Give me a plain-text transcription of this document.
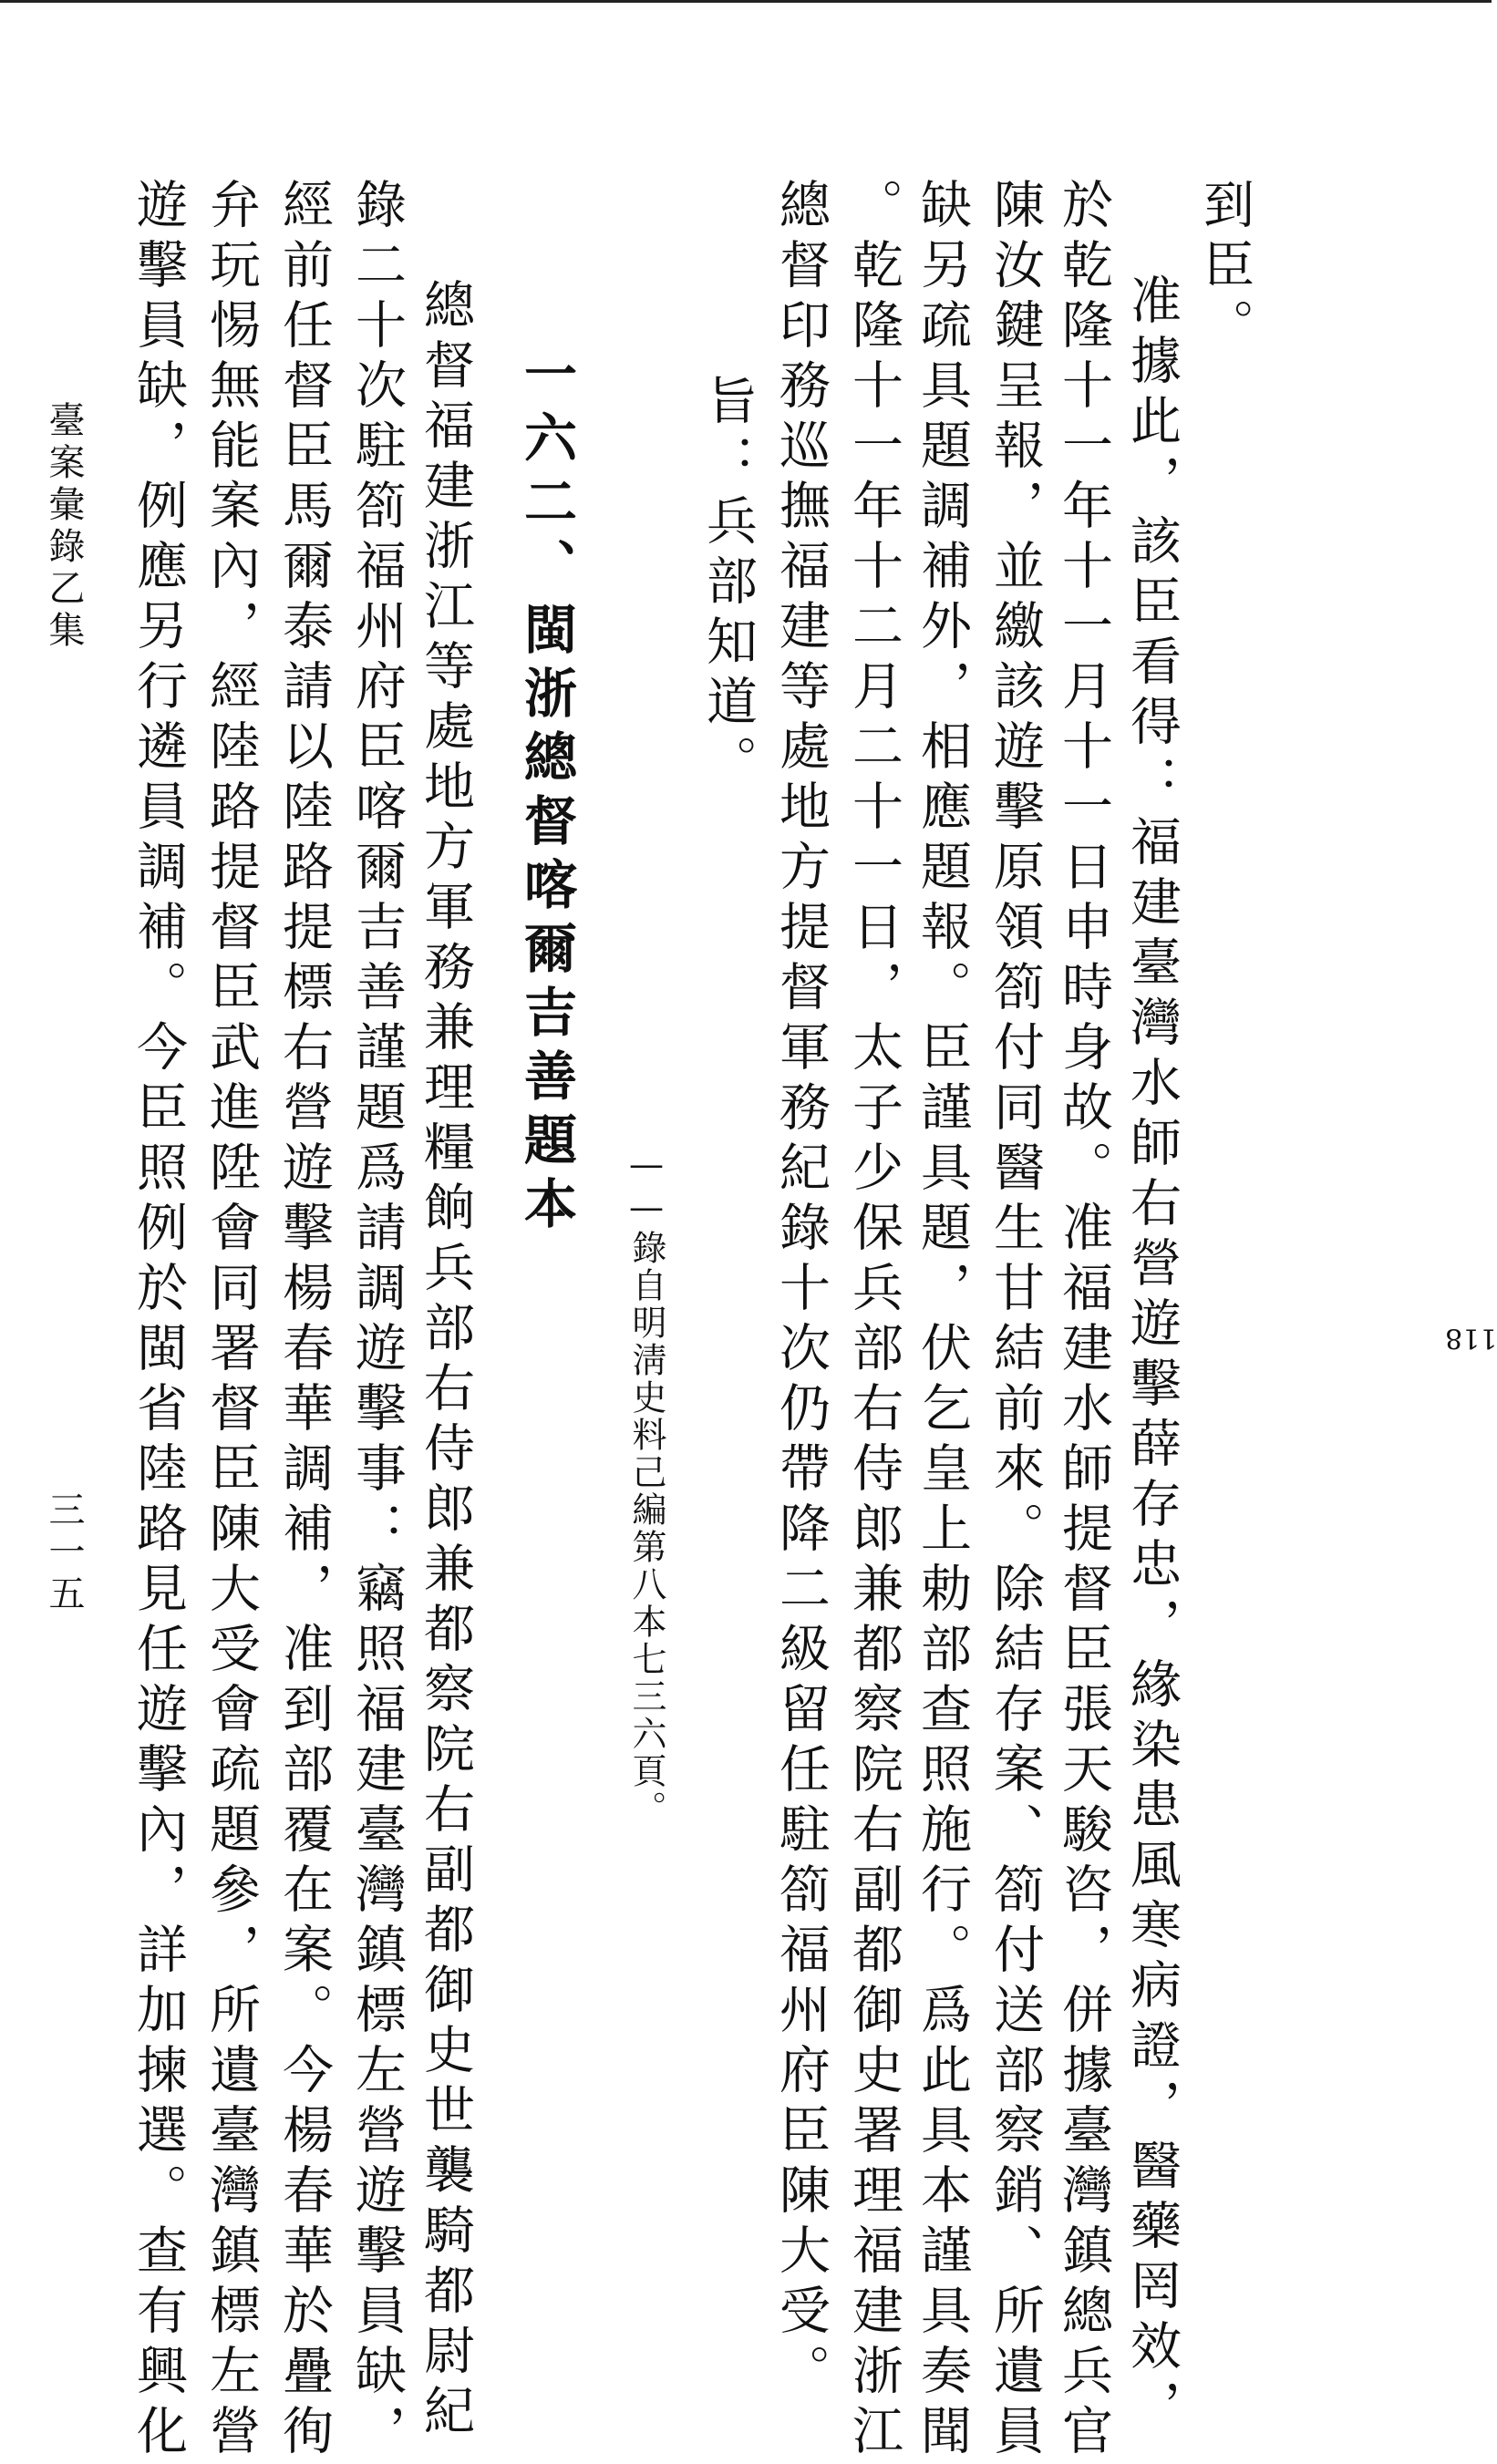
118
到臣。
准據此，該臣看得：福建臺灣水師右營遊擊薛存忠，緣染患風寒病證，醫藥罔效，
於乾隆十一年十一月十一日申時身故。准福建水師提督臣張天駿咨，併據臺灣鎮總兵官
陳汝鍵呈報，並繳該遊擊原領箚付同醫生甘結前來。除結存案、箚付送部察銷、所遺員
缺另疏具題調補外，相應題報。臣謹具題，伏乞皇上勅部查照施行。爲此具本謹具奏聞
。乾隆十一年十二月二十一日，太子少保兵部右侍郎兼都察院右副都御史署理福建浙江
總督印務巡撫福建等處地方提督軍務紀錄十次仍帶降二級留任駐箚福州府臣陳大受。
旨：兵部知道。
——錄自明淸史料己編第八本七三六頁。
一六二、閩浙總督喀爾吉善題本
總督福建浙江等處地方軍務兼理糧餉兵部右侍郎兼都察院右副都御史世襲騎都尉紀
錄二十次駐箚福州府臣喀爾吉善謹題爲請調遊擊事：竊照福建臺灣鎮標左營遊擊員缺，
經前任督臣馬爾泰請以陸路提標右營遊擊楊春華調補，准到部覆在案。今楊春華於疊徇
弁玩惕無能案內，經陸路提督臣武進陞會同署督臣陳大受會疏題參，所遺臺灣鎮標左營
遊擊員缺，例應另行遴員調補。今臣照例於閩省陸路見任遊擊內，詳加揀選。查有興化
臺案彙錄乙集
三一五
